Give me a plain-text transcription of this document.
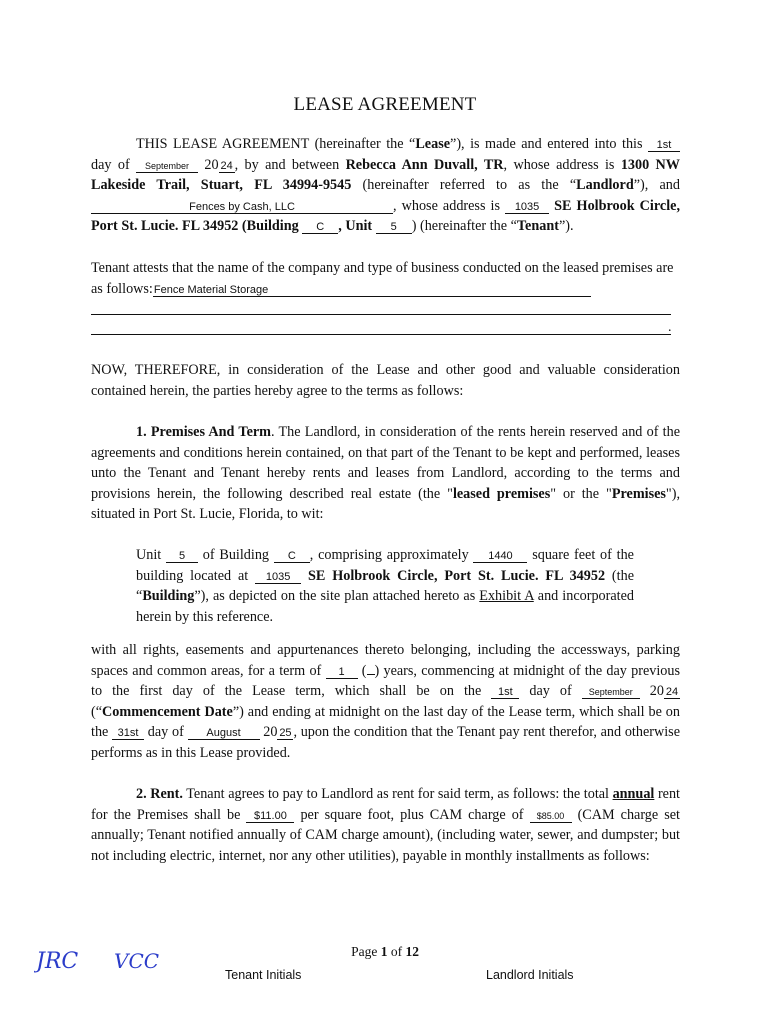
LEASE AGREEMENT
THIS LEASE AGREEMENT (hereinafter the “Lease”), is made and entered into this 1st day of September 20 24 , by and between Rebecca Ann Duvall, TR, whose address is 1300 NW Lakeside Trail, Stuart, FL 34994-9545 (hereinafter referred to as the “Landlord”), and Fences by Cash, LLC	, whose address is 1035 SE Holbrook Circle, Port St. Lucie. FL 34952 (Building C , Unit 5 ) (hereinafter the “Tenant”).
Tenant attests that the name of the company and type of business conducted on the leased premises are as follows:Fence Material Storage
.
NOW, THEREFORE, in consideration of the Lease and other good and valuable consideration contained herein, the parties hereby agree to the terms as follows:
1. Premises And Term. The Landlord, in consideration of the rents herein reserved and of the agreements and conditions herein contained, on that part of the Tenant to be kept and performed, leases unto the Tenant and Tenant hereby rents and leases from Landlord, according to the terms and provisions herein, the following described real estate (the "leased premises" or the "Premises"), situated in Port St. Lucie, Florida, to wit:
Unit 5 of Building C , comprising approximately 1440 square feet of the building located at 1035 SE Holbrook Circle, Port St. Lucie. FL 34952 (the “Building”), as depicted on the site plan attached hereto as Exhibit A and incorporated herein by this reference.
with all rights, easements and appurtenances thereto belonging, including the accessways, parking spaces and common areas, for a term of 1 ( ) years, commencing at midnight of the day previous to the first day of the Lease term, which shall be on the 1st day of September 20 24 (“Commencement Date”) and ending at midnight on the last day of the Lease term, which shall be on the 31st day of August 20 25 , upon the condition that the Tenant pay rent therefor, and otherwise performs as in this Lease provided.
2. Rent. Tenant agrees to pay to Landlord as rent for said term, as follows: the total annual rent for the Premises shall be $11.00 per square foot, plus CAM charge of $85.00 (CAM charge set annually; Tenant notified annually of CAM charge amount), (including water, sewer, and dumpster; but not including electric, internet, nor any other utilities), payable in monthly installments as follows:
JRC VCC	Page 1 of 12
Tenant Initials	Landlord Initials
